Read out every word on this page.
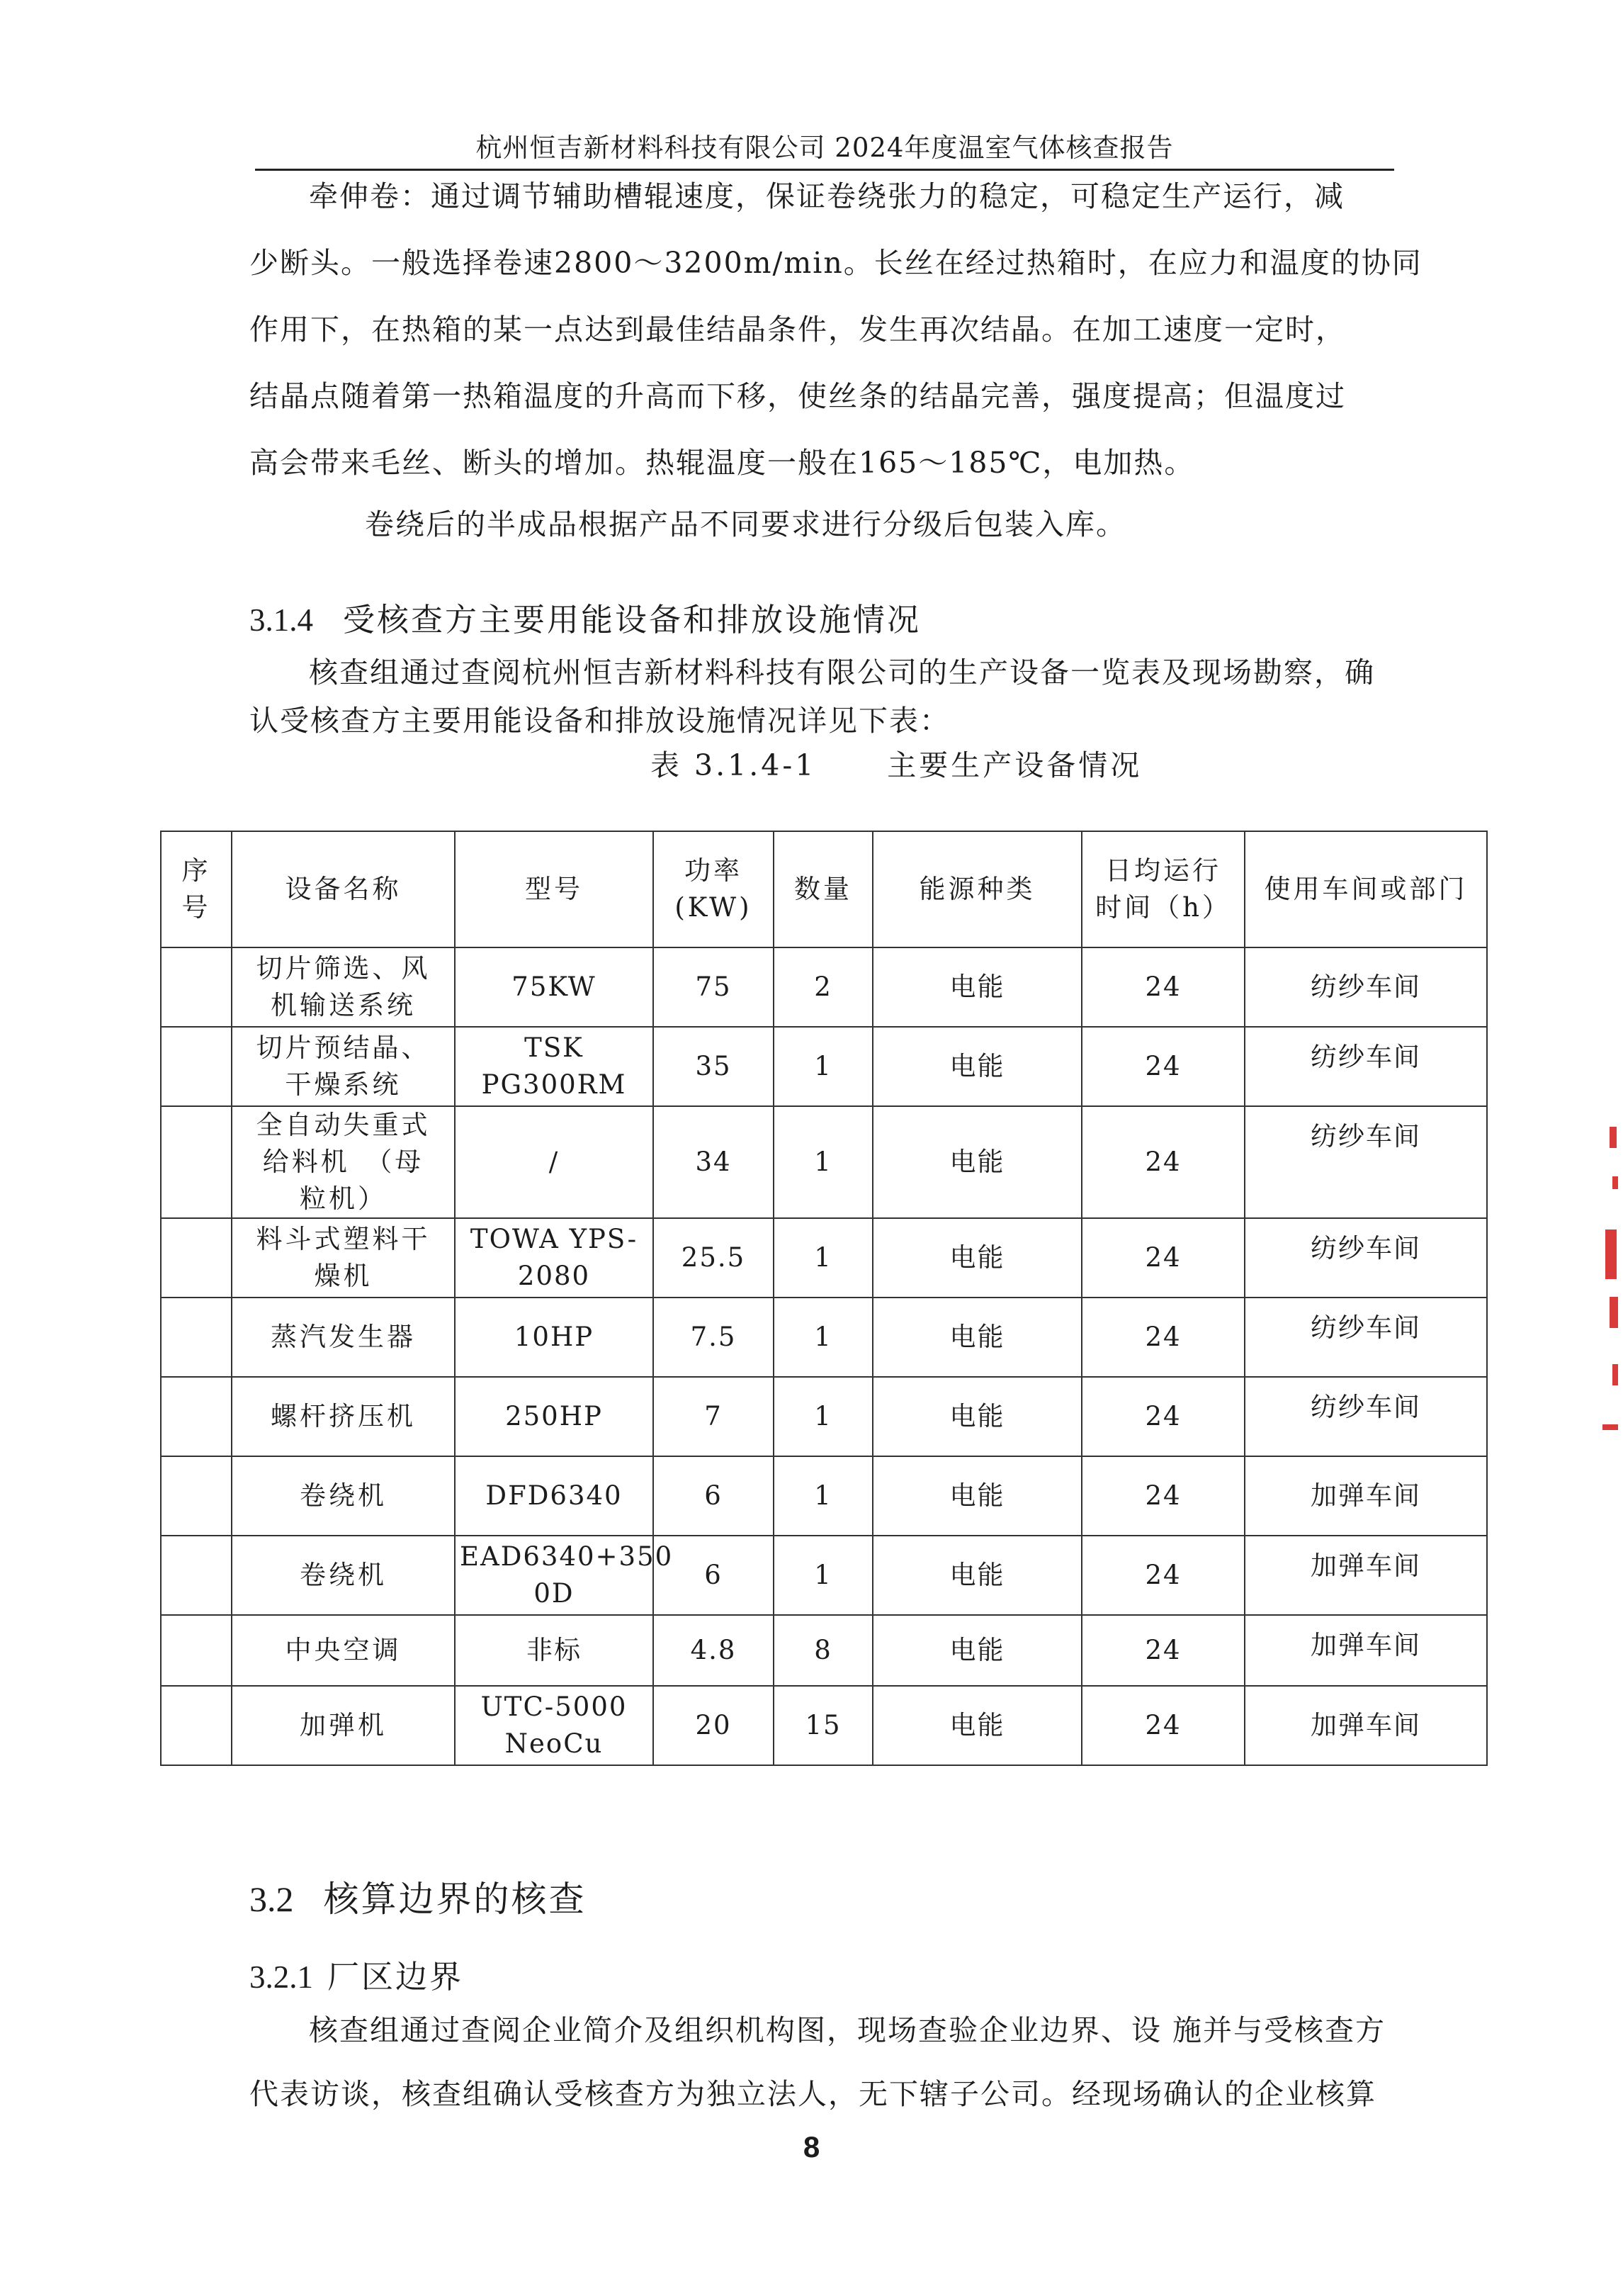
杭州恒吉新材料科技有限公司 2024年度温室气体核查报告
牵伸卷：通过调节辅助槽辊速度，保证卷绕张力的稳定，可稳定生产运行，减
少断头。一般选择卷速2800～3200m/min。长丝在经过热箱时，在应力和温度的协同
作用下，在热箱的某一点达到最佳结晶条件，发生再次结晶。在加工速度一定时，
结晶点随着第一热箱温度的升高而下移，使丝条的结晶完善，强度提高；但温度过
高会带来毛丝、断头的增加。热辊温度一般在165～185℃，电加热。
卷绕后的半成品根据产品不同要求进行分级后包装入库。
3.1.4 受核查方主要用能设备和排放设施情况
核查组通过查阅杭州恒吉新材料科技有限公司的生产设备一览表及现场勘察，确
认受核查方主要用能设备和排放设施情况详见下表：
表 3.1.4-1 主要生产设备情况
序
号	设备名称	型号	功率
(KW)	数量	能源种类	日均运行
时间（h）	使用车间或部门
	切片筛选、风
机输送系统	75KW	75	2	电能	24	纺纱车间
	切片预结晶、
干燥系统	TSK PG300RM	35	1	电能	24	纺纱车间
	全自动失重式
给料机　（母
粒机）	/	34	1	电能	24	纺纱车间
	料斗式塑料干
燥机	TOWA YPS-
2080	25.5	1	电能	24	纺纱车间
	蒸汽发生器	10HP	7.5	1	电能	24	纺纱车间
	螺杆挤压机	250HP	7	1	电能	24	纺纱车间
	卷绕机	DFD6340	6	1	电能	24	加弹车间
	卷绕机	EAD6340+350
0D	6	1	电能	24	加弹车间
	中央空调	非标	4.8	8	电能	24	加弹车间
	加弹机	UTC-5000
NeoCu	20	15	电能	24	加弹车间
3.2 核算边界的核查
3.2.1 厂区边界
核查组通过查阅企业简介及组织机构图，现场查验企业边界、设 施并与受核查方
代表访谈，核查组确认受核查方为独立法人，无下辖子公司。经现场确认的企业核算
8
